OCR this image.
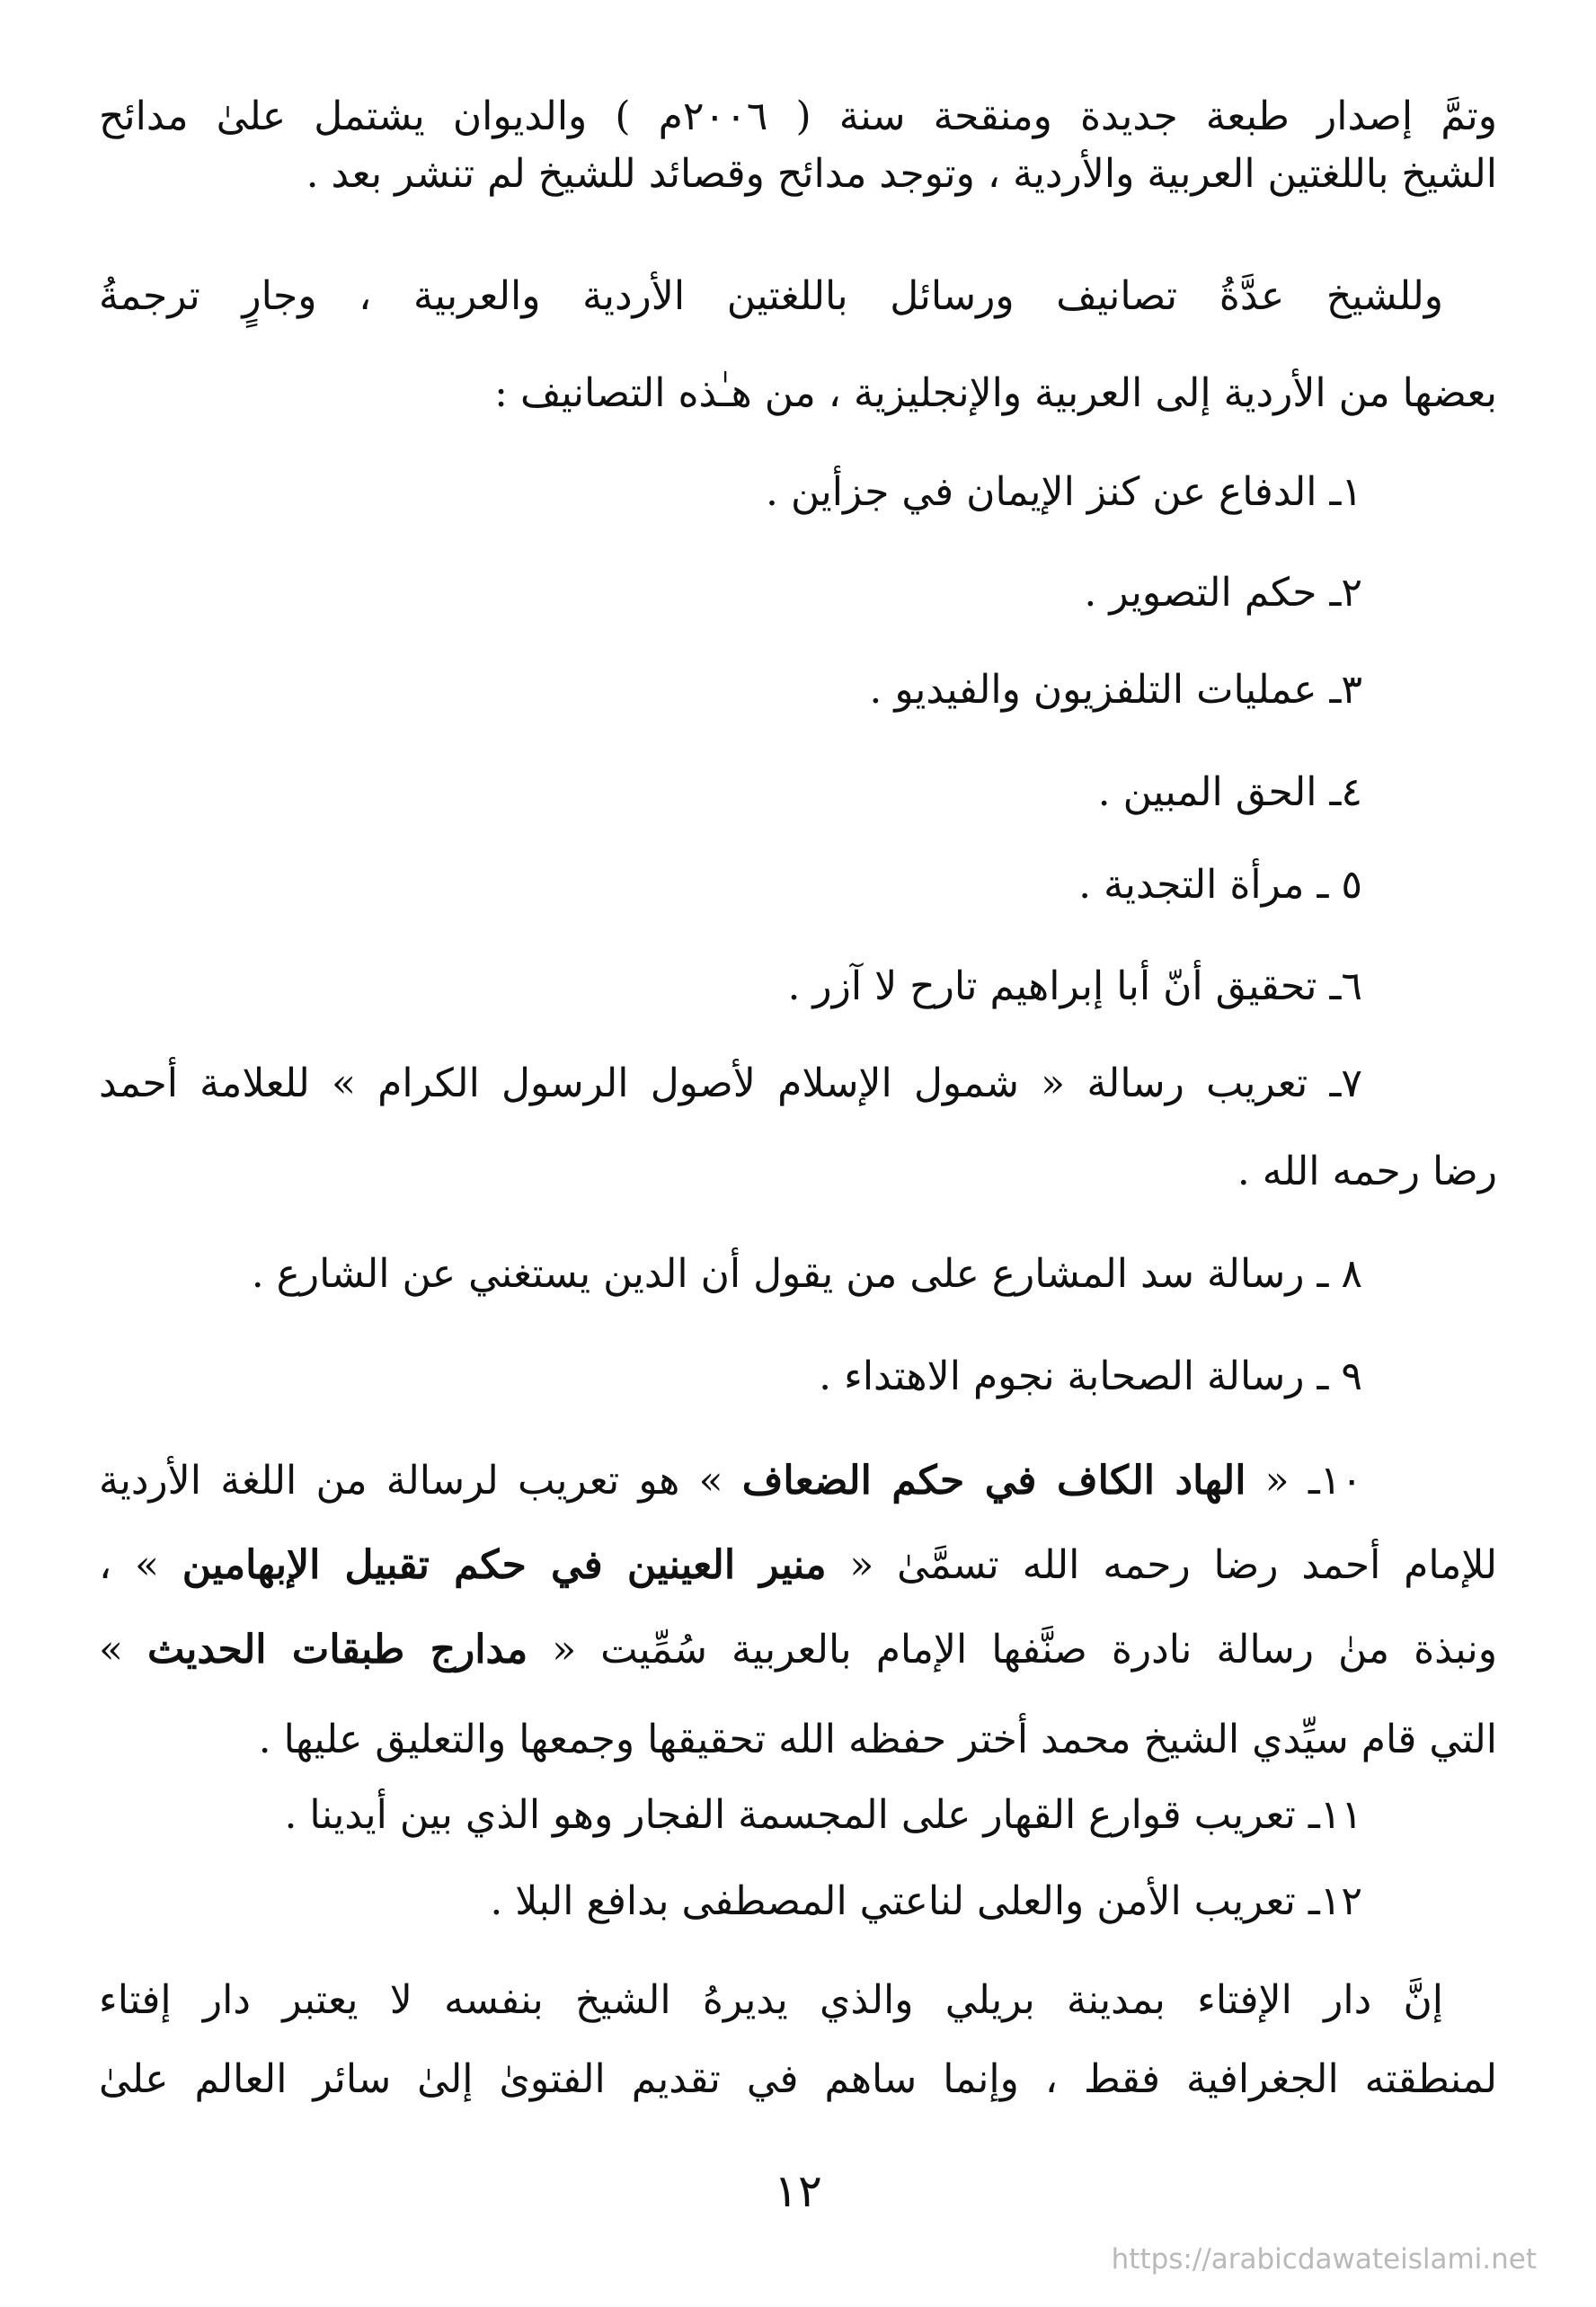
وتمَّ إصدار طبعة جديدة ومنقحة سنة ( ٢٠٠٦م ) والديوان يشتمل علىٰ مدائح
الشيخ باللغتين العربية والأردية ، وتوجد مدائح وقصائد للشيخ لم تنشر بعد .
وللشيخ عدَّةُ تصانيف ورسائل باللغتين الأردية والعربية ، وجارٍ ترجمةُ
بعضها من الأردية إلى العربية والإنجليزية ، من هـٰذه التصانيف :
١ـ الدفاع عن كنز الإيمان في جزأين .
٢ـ حكم التصوير .
٣ـ عمليات التلفزيون والفيديو .
٤ـ الحق المبين .
٥ ـ مرأة التجدية .
٦ـ تحقيق أنّ أبا إبراهيم تارح لا آزر .
٧ـ تعريب رسالة « شمول الإسلام لأصول الرسول الكرام » للعلامة أحمد
رضا رحمه الله .
٨ ـ رسالة سد المشارع على من يقول أن الدين يستغني عن الشارع .
٩ ـ رسالة الصحابة نجوم الاهتداء .
١٠ـ « الهاد الكاف في حكم الضعاف » هو تعريب لرسالة من اللغة الأردية
للإمام أحمد رضا رحمه الله تسمَّىٰ « منير العينين في حكم تقبيل الإبهامين » ،
ونبذة منٰ رسالة نادرة صنَّفها الإمام بالعربية سُمِّيت « مدارج طبقات الحديث »
التي قام سيِّدي الشيخ محمد أختر حفظه الله تحقيقها وجمعها والتعليق عليها .
١١ـ تعريب قوارع القهار على المجسمة الفجار وهو الذي بين أيدينا .
١٢ـ تعريب الأمن والعلى لناعتي المصطفى بدافع البلا .
إنَّ دار الإفتاء بمدينة بريلي والذي يديرهُ الشيخ بنفسه لا يعتبر دار إفتاء
لمنطقته الجغرافية فقط ، وإنما ساهم في تقديم الفتوىٰ إلىٰ سائر العالم علىٰ
١٢
https://arabicdawateislami.net
